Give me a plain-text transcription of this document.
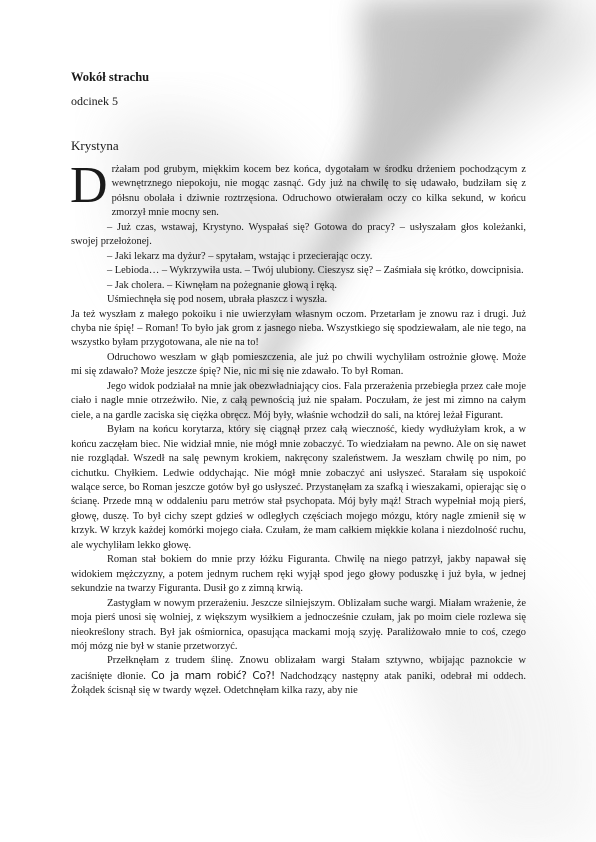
Wokół strachu

odcinek 5

Krystyna

Drżałam pod grubym, miękkim kocem bez końca, dygotałam w środku drżeniem pochodzącym z wewnętrznego niepokoju, nie mogąc zasnąć. Gdy już na chwilę to się udawało, budziłam się z półsnu obolała i dziwnie roztrzęsiona. Odruchowo otwierałam oczy co kilka sekund, w końcu zmorzył mnie mocny sen.

– Już czas, wstawaj, Krystyno. Wyspałaś się? Gotowa do pracy? – usłyszałam głos koleżanki, swojej przełożonej.

– Jaki lekarz ma dyżur? – spytałam, wstając i przecierając oczy.

– Lebioda… – Wykrzywiła usta. – Twój ulubiony. Cieszysz się? – Zaśmiała się krótko, dowcipnisia.

– Jak cholera. – Kiwnęłam na pożegnanie głową i ręką.

Uśmiechnęła się pod nosem, ubrała płaszcz i wyszła.

Ja też wyszłam z małego pokoiku i nie uwierzyłam własnym oczom. Przetarłam je znowu raz i drugi. Już chyba nie śpię! – Roman! To było jak grom z jasnego nieba. Wszystkiego się spodziewałam, ale nie tego, na wszystko byłam przygotowana, ale nie na to!

Odruchowo weszłam w głąb pomieszczenia, ale już po chwili wychyliłam ostrożnie głowę. Może mi się zdawało? Może jeszcze śpię? Nie, nic mi się nie zdawało. To był Roman.

Jego widok podziałał na mnie jak obezwładniający cios. Fala przerażenia przebiegła przez całe moje ciało i nagle mnie otrzeźwiło. Nie, z całą pewnością już nie spałam. Poczułam, że jest mi zimno na całym ciele, a na gardle zaciska się ciężka obręcz. Mój były, właśnie wchodził do sali, na której leżał Figurant.

Byłam na końcu korytarza, który się ciągnął przez całą wieczność, kiedy wydłużyłam krok, a w końcu zaczęłam biec. Nie widział mnie, nie mógł mnie zobaczyć. To wiedziałam na pewno. Ale on się nawet nie rozglądał. Wszedł na salę pewnym krokiem, nakręcony szaleństwem. Ja weszłam chwilę po nim, po cichutku. Chyłkiem. Ledwie oddychając. Nie mógł mnie zobaczyć ani usłyszeć. Starałam się uspokoić walące serce, bo Roman jeszcze gotów był go usłyszeć. Przystanęłam za szafką i wieszakami, opierając się o ścianę. Przede mną w oddaleniu paru metrów stał psychopata. Mój były mąż! Strach wypełniał moją pierś, głowę, duszę. To był cichy szept gdzieś w odległych częściach mojego mózgu, który nagle zmienił się w krzyk. W krzyk każdej komórki mojego ciała. Czułam, że mam całkiem miękkie kolana i niezdolność ruchu, ale wychyliłam lekko głowę.

Roman stał bokiem do mnie przy łóżku Figuranta. Chwilę na niego patrzył, jakby napawał się widokiem mężczyzny, a potem jednym ruchem ręki wyjął spod jego głowy poduszkę i już była, w jednej sekundzie na twarzy Figuranta. Dusił go z zimną krwią.

Zastygłam w nowym przerażeniu. Jeszcze silniejszym. Oblizałam suche wargi. Miałam wrażenie, że moja pierś unosi się wolniej, z większym wysiłkiem a jednocześnie czułam, jak po moim ciele rozlewa się nieokreślony strach. Był jak ośmiornica, opasująca mackami moją szyję. Paraliżowało mnie to coś, czego mój mózg nie był w stanie przetworzyć.

Przełknęłam z trudem ślinę. Znowu oblizałam wargi Stałam sztywno, wbijając paznokcie w zaciśnięte dłonie. Co ja mam robić? Co?! Nadchodzący następny atak paniki, odebrał mi oddech. Żołądek ścisnął się w twardy węzeł. Odetchnęłam kilka razy, aby nie
